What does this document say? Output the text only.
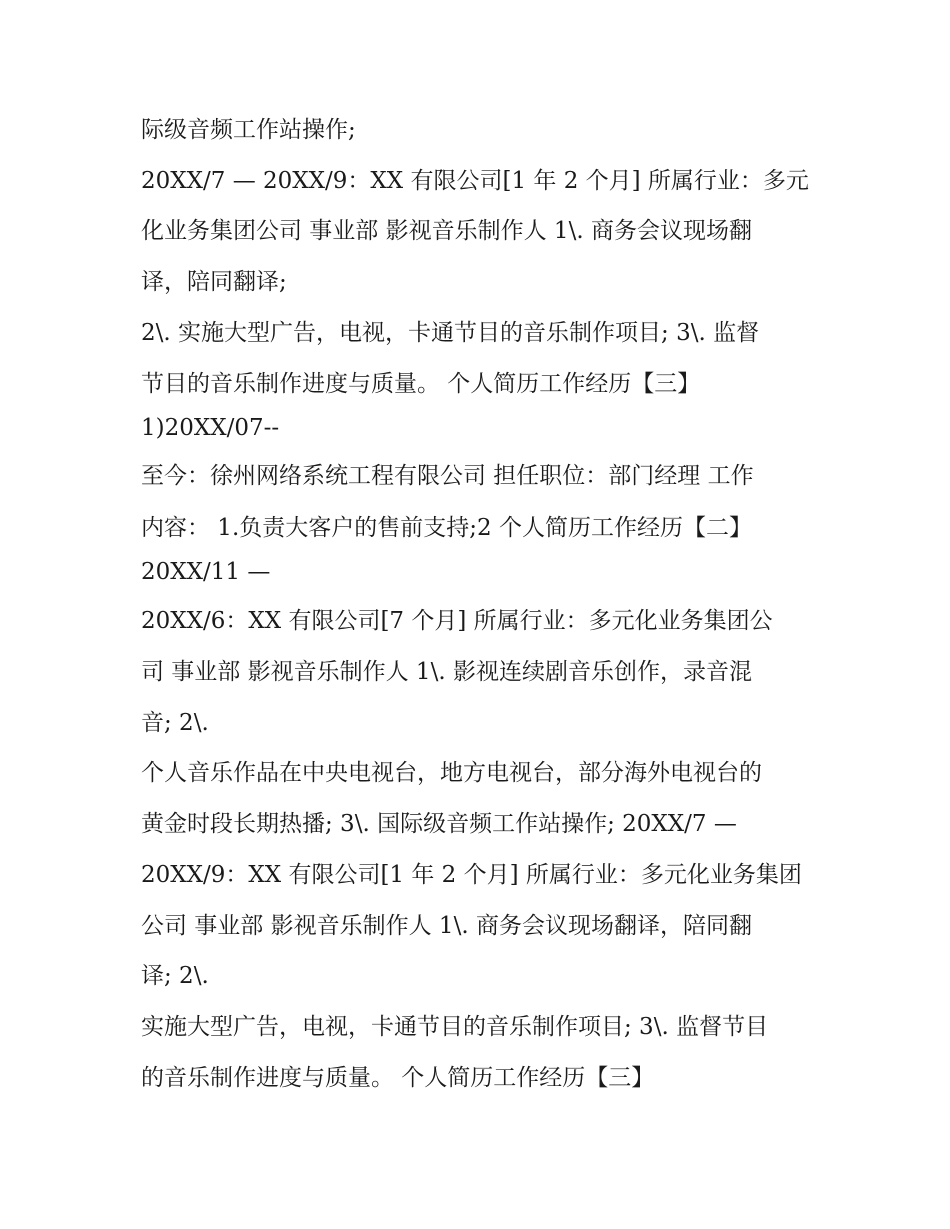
际级音频工作站操作;
20XX/7 — 20XX/9：XX 有限公司[1 年 2 个月] 所属行业：多元
化业务集团公司 事业部 影视音乐制作人 1\. 商务会议现场翻
译，陪同翻译;
2\. 实施大型广告，电视，卡通节目的音乐制作项目; 3\. 监督
节目的音乐制作进度与质量。 个人简历工作经历【三】
1)20XX/07--
至今：徐州网络系统工程有限公司 担任职位：部门经理 工作
内容： 1.负责大客户的售前支持;2 个人简历工作经历【二】
20XX/11 —
20XX/6：XX 有限公司[7 个月] 所属行业：多元化业务集团公
司 事业部 影视音乐制作人 1\. 影视连续剧音乐创作，录音混
音; 2\.
个人音乐作品在中央电视台，地方电视台，部分海外电视台的
黄金时段长期热播; 3\. 国际级音频工作站操作; 20XX/7 —
20XX/9：XX 有限公司[1 年 2 个月] 所属行业：多元化业务集团
公司 事业部 影视音乐制作人 1\. 商务会议现场翻译，陪同翻
译; 2\.
实施大型广告，电视，卡通节目的音乐制作项目; 3\. 监督节目
的音乐制作进度与质量。 个人简历工作经历【三】
